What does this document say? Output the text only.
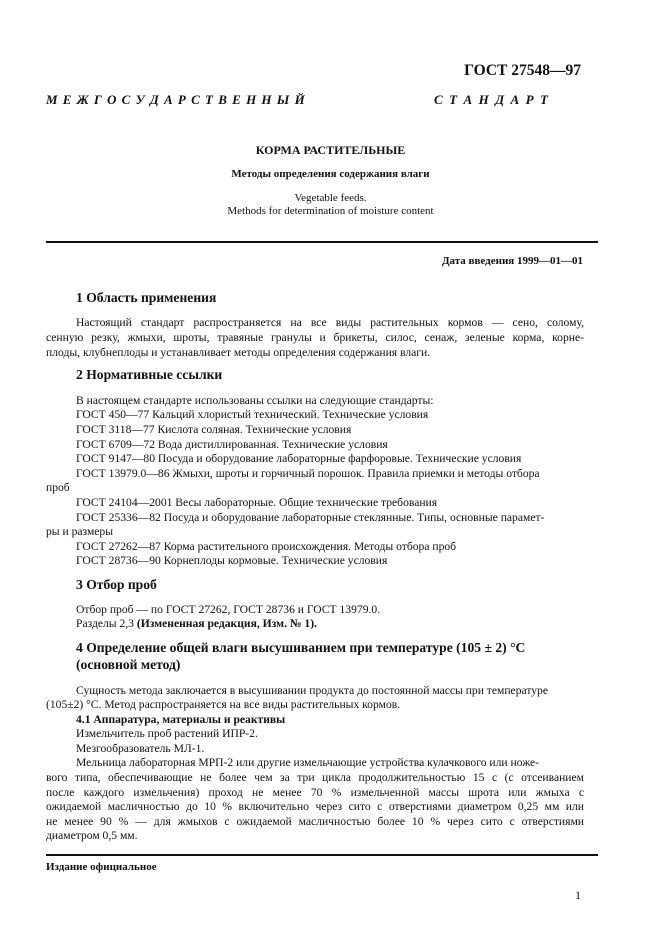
ГОСТ 27548—97
М Е Ж Г О С У Д А Р С Т В Е Н Н Ы Й	С Т А Н Д А Р Т
КОРМА РАСТИТЕЛЬНЫЕ
Методы определения содержания влаги
Vegetable feeds.
Methods for determination of moisture content
Дата введения 1999—01—01
1 Область применения
Настоящий стандарт распространяется на все виды растительных кормов — сено, солому,
сенную резку, жмыхи, шроты, травяные гранулы и брикеты, силос, сенаж, зеленые корма, корне-
плоды, клубнеплоды и устанавливает методы определения содержания влаги.
2 Нормативные ссылки
В настоящем стандарте использованы ссылки на следующие стандарты:
ГОСТ 450—77 Кальций хлористый технический. Технические условия
ГОСТ 3118—77 Кислота соляная. Технические условия
ГОСТ 6709—72 Вода дистиллированная. Технические условия
ГОСТ 9147—80 Посуда и оборудование лабораторные фарфоровые. Технические условия
ГОСТ 13979.0—86 Жмыхи, шроты и горчичный порошок. Правила приемки и методы отбора
проб
ГОСТ 24104—2001 Весы лабораторные. Общие технические требования
ГОСТ 25336—82 Посуда и оборудование лабораторные стеклянные. Типы, основные парамет-
ры и размеры
ГОСТ 27262—87 Корма растительного происхождения. Методы отбора проб
ГОСТ 28736—90 Корнеплоды кормовые. Технические условия
3 Отбор проб
Отбор проб — по ГОСТ 27262, ГОСТ 28736 и ГОСТ 13979.0.
Разделы 2,3 (Измененная редакция, Изм. № 1).
4 Определение общей влаги высушиванием при температуре (105 ± 2) °С
(основной метод)
Сущность метода заключается в высушивании продукта до постоянной массы при температуре
(105±2) °С. Метод распространяется на все виды растительных кормов.
4.1 Аппаратура, материалы и реактивы
Измельчитель проб растений ИПР-2.
Мезгообразователь МЛ-1.
Мельница лабораторная МРП-2 или другие измельчающие устройства кулачкового или ноже-
вого типа, обеспечивающие не более чем за три цикла продолжительностью 15 с (с отсеиванием
после каждого измельчения) проход не менее 70 % измельченной массы шрота или жмыха с
ожидаемой масличностью до 10 % включительно через сито с отверстиями диаметром 0,25 мм или
не менее 90 % — для жмыхов с ожидаемой масличностью более 10 % через сито с отверстиями
диаметром 0,5 мм.
Издание официальное
1
